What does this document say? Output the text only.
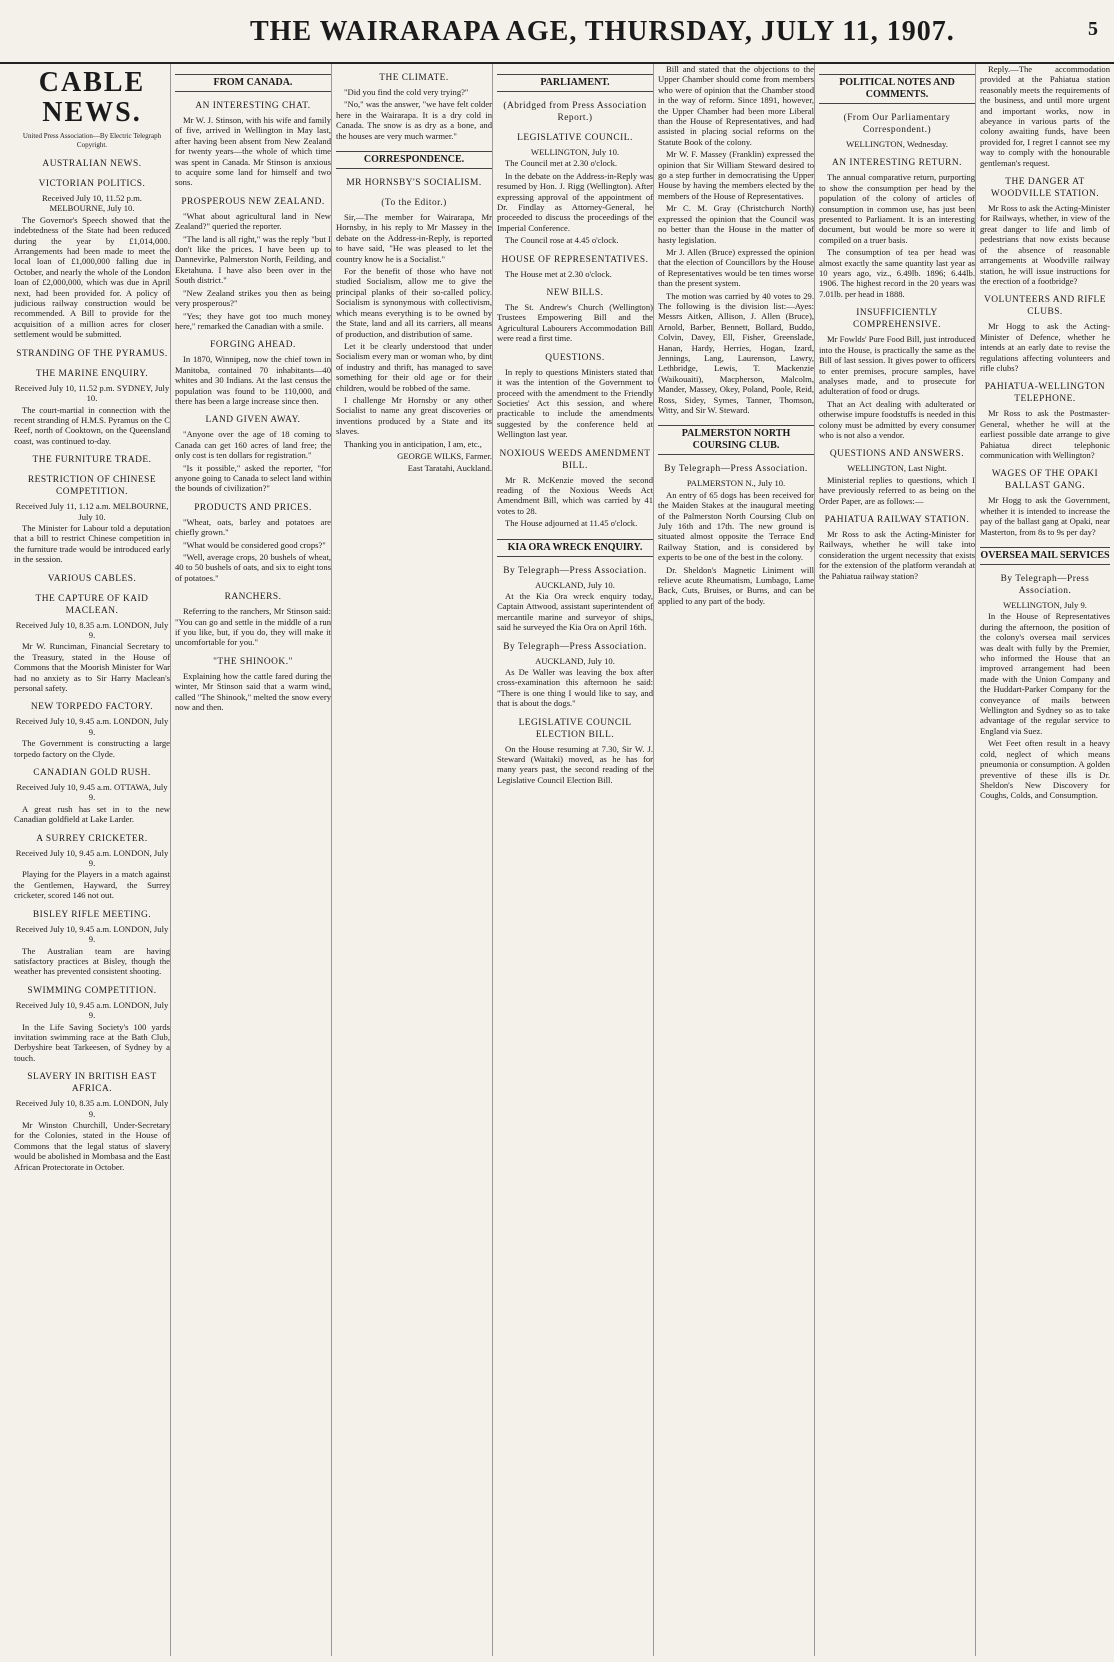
THE WAIRARAPA AGE, THURSDAY, JULY 11, 1907.	5
CABLE NEWS.
United Press Association—By Electric Telegraph Copyright.
AUSTRALIAN NEWS.
VICTORIAN POLITICS.

Received July 10, 11.52 p.m. MELBOURNE, July 10.

The Governor's Speech showed that the indebtedness of the State had been reduced during the year by £1,014,000. Arrangements had been made to meet the local loan of £1,000,000 falling due in October, and nearly the whole of the London loan of £2,000,000, which was due in April next, had been provided for. A policy of judicious railway construction would be recommended. A Bill to provide for the acquisition of a million acres for closer settlement would be submitted.

STRANDING OF THE PYRAMUS.
THE MARINE ENQUIRY.

Received July 10, 11.52 p.m. SYDNEY, July 10.

The court-martial in connection with the recent stranding of H.M.S. Pyramus on the C Reef, north of Cooktown, on the Queensland coast, was continued to-day.

THE FURNITURE TRADE.
RESTRICTION OF CHINESE COMPETITION.

Received July 11, 1.12 a.m. MELBOURNE, July 10.

The Minister for Labour told a deputation that a bill to restrict Chinese competition in the furniture trade would be introduced early in the session.

VARIOUS CABLES.
THE CAPTURE OF KAID MACLEAN.

Received July 10, 8.35 a.m. LONDON, July 9.

Mr W. Runciman, Financial Secretary to the Treasury, stated in the House of Commons that the Moorish Minister for War had no anxiety as to Sir Harry Maclean's personal safety.

NEW TORPEDO FACTORY.

Received July 10, 9.45 a.m. LONDON, July 9.

The Government is constructing a large torpedo factory on the Clyde.

CANADIAN GOLD RUSH.

Received July 10, 9.45 a.m. OTTAWA, July 9.

A great rush has set in to the new Canadian goldfield at Lake Larder.

A SURREY CRICKETER.

Received July 10, 9.45 a.m. LONDON, July 9.

Playing for the Players in a match against the Gentlemen, Hayward, the Surrey cricketer, scored 146 not out.

BISLEY RIFLE MEETING.

Received July 10, 9.45 a.m. LONDON, July 9.

The Australian team are having satisfactory practices at Bisley, though the weather has prevented consistent shooting.

SWIMMING COMPETITION.

Received July 10, 9.45 a.m. LONDON, July 9.

In the Life Saving Society's 100 yards invitation swimming race at the Bath Club, Derbyshire beat Tarkeesen, of Sydney by a touch.

SLAVERY IN BRITISH EAST AFRICA.

Received July 10, 8.35 a.m. LONDON, July 9.

Mr Winston Churchill, Under-Secretary for the Colonies, stated in the House of Commons that the legal status of slavery would be abolished in Mombasa and the East African Protectorate in October.

FROM CANADA.
AN INTERESTING CHAT.

Mr W. J. Stinson, with his wife and family of five, arrived in Wellington in May last, after having been absent from New Zealand for twenty years—the whole of which time was spent in Canada. Mr Stinson is anxious to acquire some land for himself and two sons.

PROSPEROUS NEW ZEALAND.

"What about agricultural land in New Zealand?" queried the reporter.

"The land is all right," was the reply "but I don't like the prices. I have been up to Dannevirke, Palmerston North, Feilding, and Eketahuna. I have also been over in the South district."

"New Zealand strikes you then as being very prosperous?"

"Yes; they have got too much money here," remarked the Canadian with a smile.

FORGING AHEAD.

In 1870, Winnipeg, now the chief town in Manitoba, contained 70 inhabitants—40 whites and 30 Indians. At the last census the population was found to be 110,000, and there has been a large increase since then.

LAND GIVEN AWAY.

"Anyone over the age of 18 coming to Canada can get 160 acres of land free; the only cost is ten dollars for registration."

"Is it possible," asked the reporter, "for anyone going to Canada to select land within the bounds of civilization?"

PRODUCTS AND PRICES.

"Wheat, oats, barley and potatoes are chiefly grown."

"What would be considered good crops?"

"Well, average crops, 20 bushels of wheat, 40 to 50 bushels of oats, and six to eight tons of potatoes."

RANCHERS.

Referring to the ranchers, Mr Stinson said: "You can go and settle in the middle of a run if you like, but, if you do, they will make it uncomfortable for you."

"THE SHINOOK."

Explaining how the cattle fared during the winter, Mr Stinson said that a warm wind, called "The Shinook," melted the snow every now and then.

THE CLIMATE.

"Did you find the cold very trying?"

"No," was the answer, "we have felt colder here in the Wairarapa. It is a dry cold in Canada. The snow is as dry as a bone, and the houses are very much warmer."

CORRESPONDENCE.
MR HORNSBY'S SOCIALISM.
(To the Editor.)

Sir,—The member for Wairarapa, Mr Hornsby, in his reply to Mr Massey in the debate on the Address-in-Reply, is reported to have said, "He was pleased to let the country know he is a Socialist."

For the benefit of those who have not studied Socialism, allow me to give the principal planks of their so-called policy. Socialism is synonymous with collectivism, which means everything is to be owned by the State, land and all its carriers, all means of production, and distribution of same.

Let it be clearly understood that under Socialism every man or woman who, by dint of industry and thrift, has managed to save something for their old age or for their children, would be robbed of the same.

I challenge Mr Hornsby or any other Socialist to name any great discoveries or inventions produced by a State and its slaves.

Thanking you in anticipation, I am, etc.,

GEORGE WILKS, Farmer.

East Taratahi, Auckland.

PARLIAMENT.
(Abridged from Press Association Report.)
LEGISLATIVE COUNCIL.

WELLINGTON, July 10.

The Council met at 2.30 o'clock.

In the debate on the Address-in-Reply was resumed by Hon. J. Rigg (Wellington). After expressing approval of the appointment of Dr. Findlay as Attorney-General, he proceeded to discuss the proceedings of the Imperial Conference.

The Council rose at 4.45 o'clock.

HOUSE OF REPRESENTATIVES.

The House met at 2.30 o'clock.

NEW BILLS.

The St. Andrew's Church (Wellington) Trustees Empowering Bill and the Agricultural Labourers Accommodation Bill were read a first time.

QUESTIONS.

In reply to questions Ministers stated that it was the intention of the Government to proceed with the amendment to the Friendly Societies' Act this session, and where practicable to include the amendments suggested by the conference held at Wellington last year.

NOXIOUS WEEDS AMENDMENT BILL.

Mr R. McKenzie moved the second reading of the Noxious Weeds Act Amendment Bill, which was carried by 41 votes to 28.

The House adjourned at 11.45 o'clock.

KIA ORA WRECK ENQUIRY.
By Telegraph—Press Association.

AUCKLAND, July 10.

At the Kia Ora wreck enquiry today, Captain Attwood, assistant superintendent of mercantile marine and surveyor of ships, said he surveyed the Kia Ora on April 16th.

By Telegraph—Press Association.

AUCKLAND, July 10.

As De Waller was leaving the box after cross-examination this afternoon he said: "There is one thing I would like to say, and that is about the dogs."

LEGISLATIVE COUNCIL ELECTION BILL.

On the House resuming at 7.30, Sir W. J. Steward (Waitaki) moved, as he has for many years past, the second reading of the Legislative Council Election Bill.

Bill and stated that the objections to the Upper Chamber should come from members who were of opinion that the Chamber stood in the way of reform. Since 1891, however, the Upper Chamber had been more Liberal than the House of Representatives, and had assisted in placing social reforms on the Statute Book of the colony.

Mr W. F. Massey (Franklin) expressed the opinion that Sir William Steward desired to go a step further in democratising the Upper House by having the members elected by the members of the House of Representatives.

Mr C. M. Gray (Christchurch North) expressed the opinion that the Council was no better than the House in the matter of hasty legislation.

Mr J. Allen (Bruce) expressed the opinion that the election of Councillors by the House of Representatives would be ten times worse than the present system.

The motion was carried by 40 votes to 29. The following is the division list:—Ayes: Messrs Aitken, Allison, J. Allen (Bruce), Arnold, Barber, Bennett, Bollard, Buddo, Colvin, Davey, Ell, Fisher, Greenslade, Hanan, Hardy, Herries, Hogan, Izard, Jennings, Lang, Laurenson, Lawry, Lethbridge, Lewis, T. Mackenzie (Waikouaiti), Macpherson, Malcolm, Mander, Massey, Okey, Poland, Poole, Reid, Ross, Sidey, Symes, Tanner, Thomson, Witty, and Sir W. Steward.

PALMERSTON NORTH COURSING CLUB.
By Telegraph—Press Association.

PALMERSTON N., July 10.

An entry of 65 dogs has been received for the Maiden Stakes at the inaugural meeting of the Palmerston North Coursing Club on July 16th and 17th. The new ground is situated almost opposite the Terrace End Railway Station, and is considered by experts to be one of the best in the colony.

Dr. Sheldon's Magnetic Liniment will relieve acute Rheumatism, Lumbago, Lame Back, Cuts, Bruises, or Burns, and can be applied to any part of the body.

POLITICAL NOTES AND COMMENTS.
(From Our Parliamentary Correspondent.)

WELLINGTON, Wednesday.

AN INTERESTING RETURN.

The annual comparative return, purporting to show the consumption per head by the population of the colony of articles of consumption in common use, has just been presented to Parliament. It is an interesting document, but would be more so were it compiled on a truer basis.

The consumption of tea per head was almost exactly the same quantity last year as 10 years ago, viz., 6.49lb. 1896; 6.44lb. 1906. The highest record in the 20 years was 7.01lb. per head in 1888.

INSUFFICIENTLY COMPREHENSIVE.

Mr Fowlds' Pure Food Bill, just introduced into the House, is practically the same as the Bill of last session. It gives power to officers to enter premises, procure samples, have analyses made, and to prosecute for adulteration of food or drugs.

That an Act dealing with adulterated or otherwise impure foodstuffs is needed in this colony must be admitted by every consumer who is not also a vendor.

QUESTIONS AND ANSWERS.

WELLINGTON, Last Night.

Ministerial replies to questions, which I have previously referred to as being on the Order Paper, are as follows:—

PAHIATUA RAILWAY STATION.

Mr Ross to ask the Acting-Minister for Railways, whether he will take into consideration the urgent necessity that exists for the extension of the platform verandah at the Pahiatua railway station?

Reply.—The accommodation provided at the Pahiatua station reasonably meets the requirements of the business, and until more urgent and important works, now in abeyance in various parts of the colony awaiting funds, have been provided for, I regret I cannot see my way to comply with the honourable gentleman's request.

THE DANGER AT WOODVILLE STATION.

Mr Ross to ask the Acting-Minister for Railways, whether, in view of the great danger to life and limb of pedestrians that now exists because of the absence of reasonable arrangements at Woodville railway station, he will issue instructions for the erection of a footbridge?

VOLUNTEERS AND RIFLE CLUBS.

Mr Hogg to ask the Acting-Minister of Defence, whether he intends at an early date to revise the regulations affecting volunteers and rifle clubs?

PAHIATUA-WELLINGTON TELEPHONE.

Mr Ross to ask the Postmaster-General, whether he will at the earliest possible date arrange to give Pahiatua direct telephonic communication with Wellington?

WAGES OF THE OPAKI BALLAST GANG.

Mr Hogg to ask the Government, whether it is intended to increase the pay of the ballast gang at Opaki, near Masterton, from 8s to 9s per day?

OVERSEA MAIL SERVICES
By Telegraph—Press Association.

WELLINGTON, July 9.

In the House of Representatives during the afternoon, the position of the colony's oversea mail services was dealt with fully by the Premier, who informed the House that an improved arrangement had been made with the Union Company and the Huddart-Parker Company for the conveyance of mails between Wellington and Sydney so as to take advantage of the regular service to England via Suez.

Wet Feet often result in a heavy cold, neglect of which means pneumonia or consumption. A golden preventive of these ills is Dr. Sheldon's New Discovery for Coughs, Colds, and Consumption.
